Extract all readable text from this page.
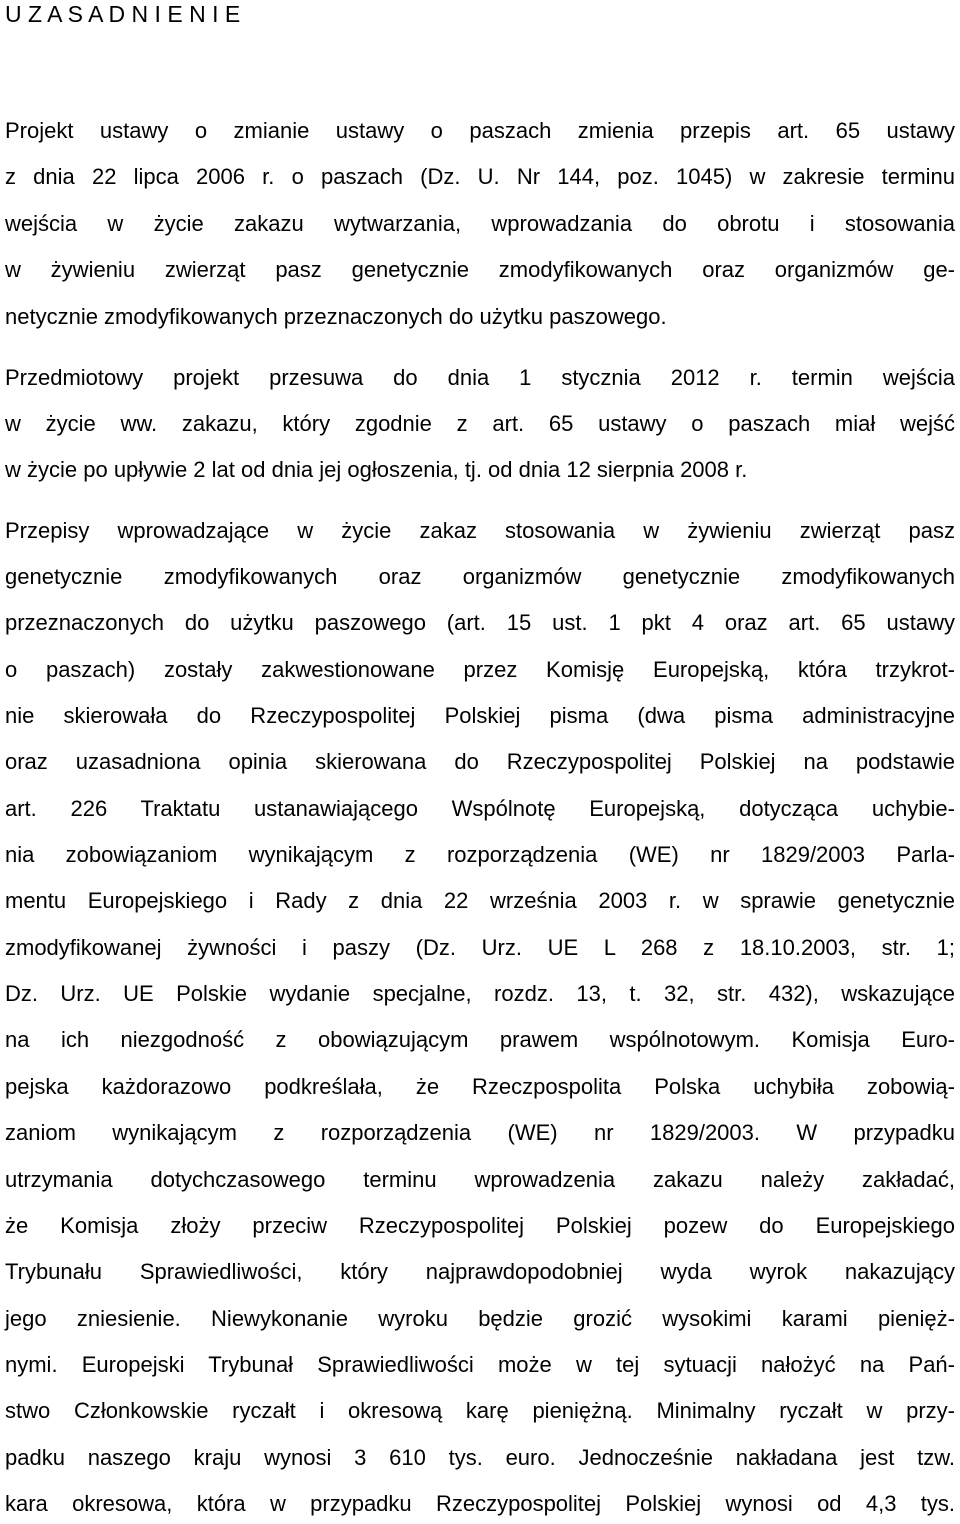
U Z A S A D N I E N I E
Projekt ustawy o zmianie ustawy o paszach zmienia przepis art. 65 ustawy
z dnia 22 lipca 2006 r. o paszach (Dz. U. Nr 144, poz. 1045) w zakresie terminu
wejścia w życie zakazu wytwarzania, wprowadzania do obrotu i stosowania
w żywieniu zwierząt pasz genetycznie zmodyfikowanych oraz organizmów ge-
netycznie zmodyfikowanych przeznaczonych do użytku paszowego.
Przedmiotowy projekt przesuwa do dnia 1 stycznia 2012 r. termin wejścia
w życie ww. zakazu, który zgodnie z art. 65 ustawy o paszach miał wejść
w życie po upływie 2 lat od dnia jej ogłoszenia, tj. od dnia 12 sierpnia 2008 r.
Przepisy wprowadzające w życie zakaz stosowania w żywieniu zwierząt pasz
genetycznie zmodyfikowanych oraz organizmów genetycznie zmodyfikowanych
przeznaczonych do użytku paszowego (art. 15 ust. 1 pkt 4 oraz art. 65 ustawy
o paszach) zostały zakwestionowane przez Komisję Europejską, która trzykrot-
nie skierowała do Rzeczypospolitej Polskiej pisma (dwa pisma administracyjne
oraz uzasadniona opinia skierowana do Rzeczypospolitej Polskiej na podstawie
art. 226 Traktatu ustanawiającego Wspólnotę Europejską, dotycząca uchybie-
nia zobowiązaniom wynikającym z rozporządzenia (WE) nr 1829/2003 Parla-
mentu Europejskiego i Rady z dnia 22 września 2003 r. w sprawie genetycznie
zmodyfikowanej żywności i paszy (Dz. Urz. UE L 268 z 18.10.2003, str. 1;
Dz. Urz. UE Polskie wydanie specjalne, rozdz. 13, t. 32, str. 432), wskazujące
na ich niezgodność z obowiązującym prawem wspólnotowym. Komisja Euro-
pejska każdorazowo podkreślała, że Rzeczpospolita Polska uchybiła zobowią-
zaniom wynikającym z rozporządzenia (WE) nr 1829/2003. W przypadku
utrzymania dotychczasowego terminu wprowadzenia zakazu należy zakładać,
że Komisja złoży przeciw Rzeczypospolitej Polskiej pozew do Europejskiego
Trybunału Sprawiedliwości, który najprawdopodobniej wyda wyrok nakazujący
jego zniesienie. Niewykonanie wyroku będzie grozić wysokimi karami pienięż-
nymi. Europejski Trybunał Sprawiedliwości może w tej sytuacji nałożyć na Pań-
stwo Członkowskie ryczałt i okresową karę pieniężną. Minimalny ryczałt w przy-
padku naszego kraju wynosi 3 610 tys. euro. Jednocześnie nakładana jest tzw.
kara okresowa, która w przypadku Rzeczypospolitej Polskiej wynosi od 4,3 tys.
